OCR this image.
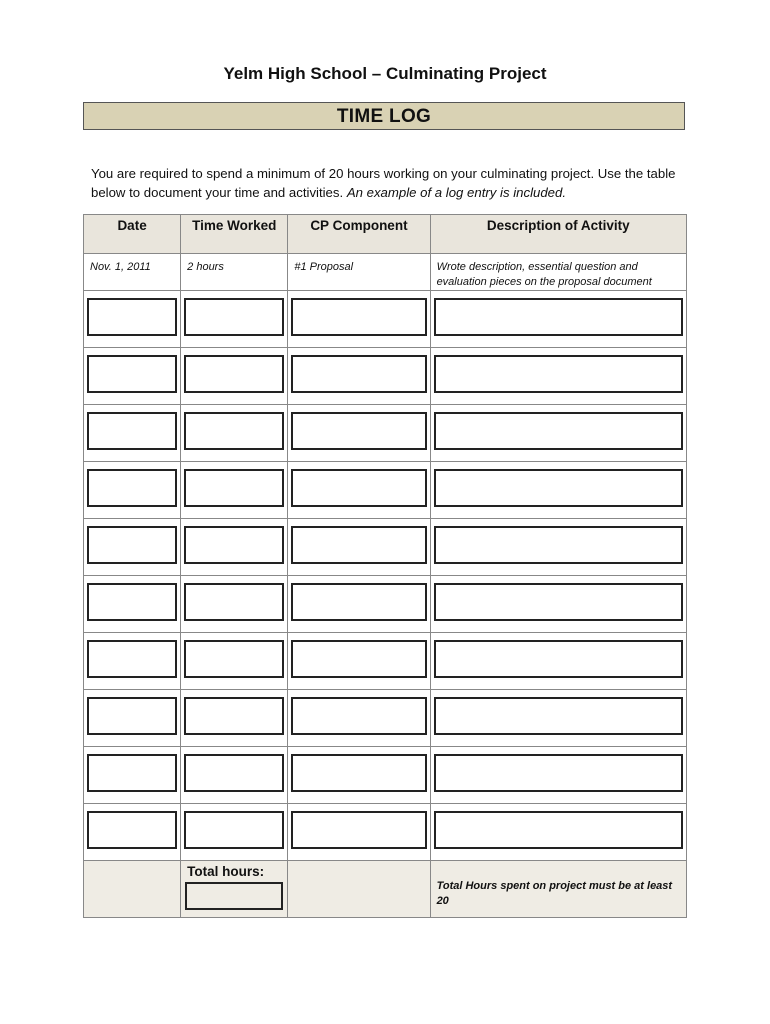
Yelm High School – Culminating Project
TIME LOG
You are required to spend a minimum of 20 hours working on your culminating project. Use the table below to document your time and activities. An example of a log entry is included.
Date	Time Worked	CP Component	Description of Activity

Nov. 1, 2011	2 hours	#1 Proposal	Wrote description, essential question and evaluation pieces on the proposal document

	Total hours:		Total Hours spent on project must be at least 20
